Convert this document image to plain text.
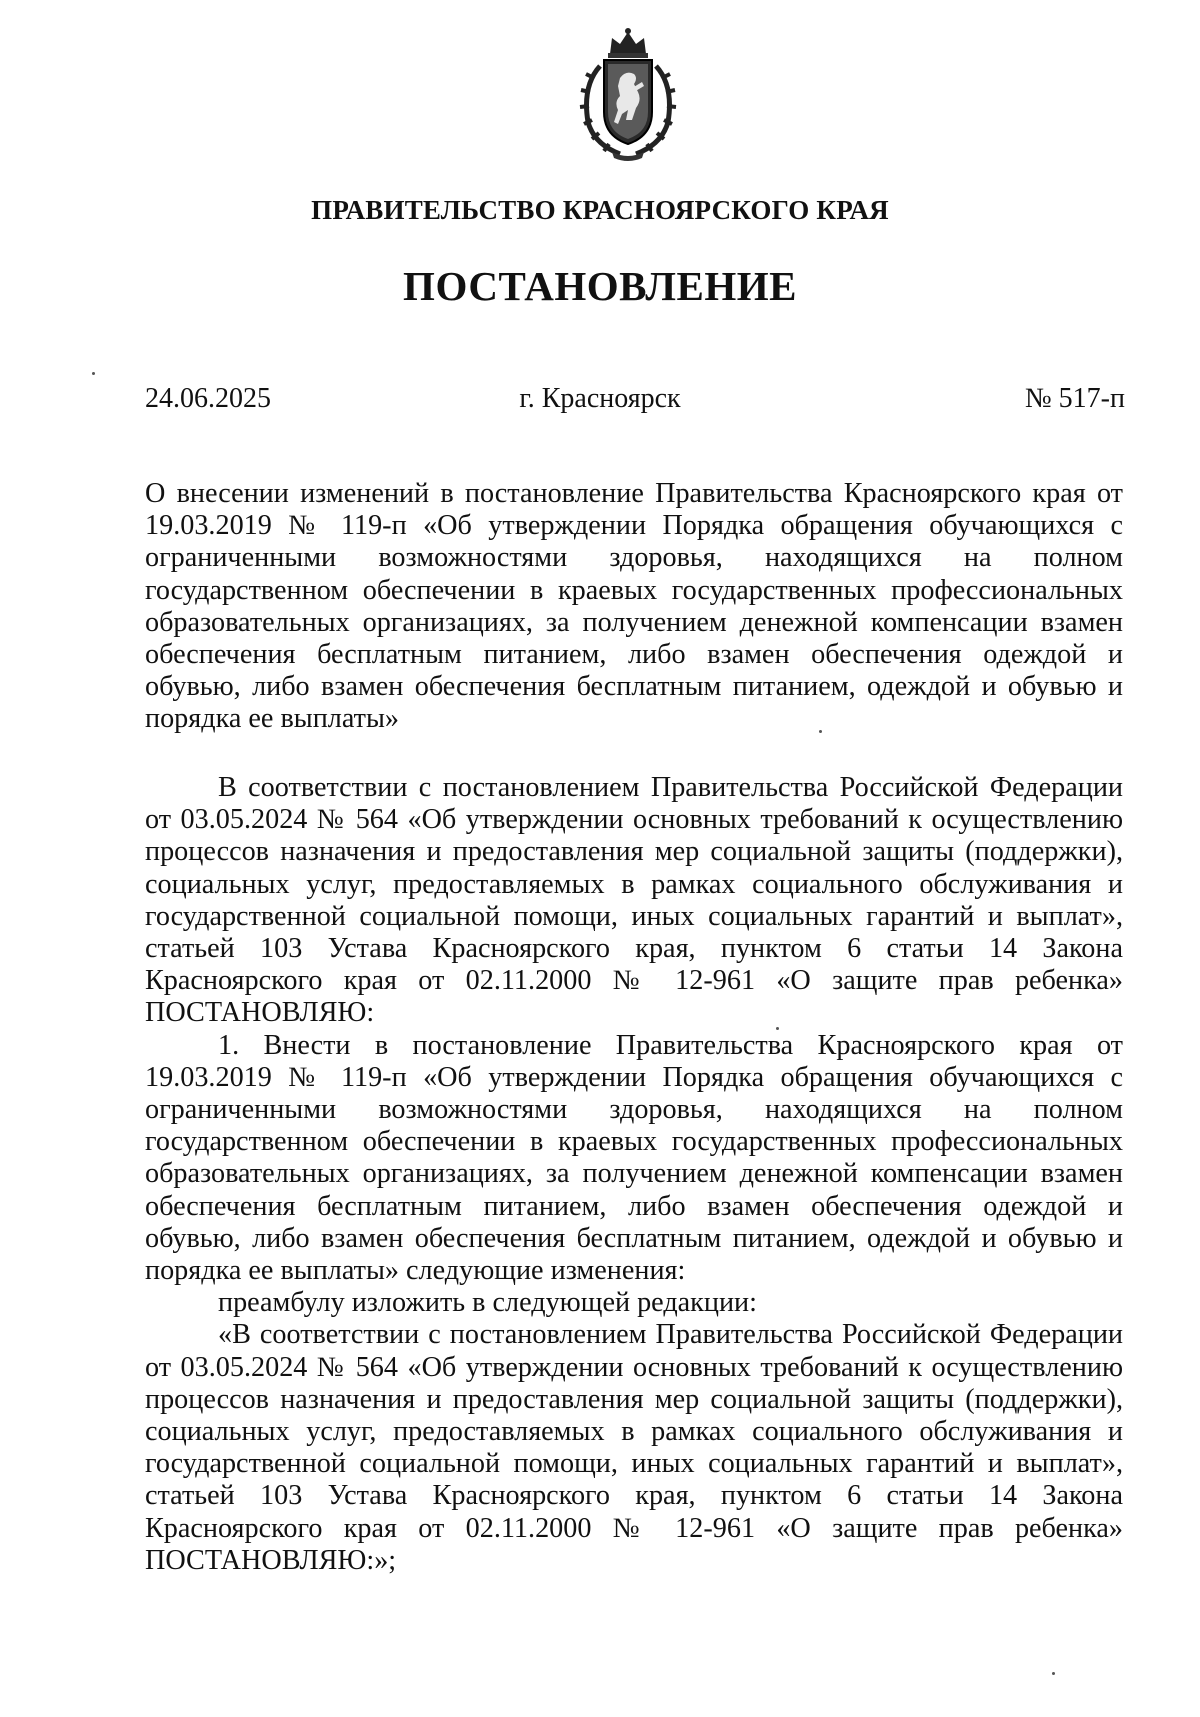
ПРАВИТЕЛЬСТВО КРАСНОЯРСКОГО КРАЯ
ПОСТАНОВЛЕНИЕ
24.06.2025	г. Красноярск	№ 517-п
О внесении изменений в постановление Правительства Красноярского края от 19.03.2019 № 119-п «Об утверждении Порядка обращения обучающихся с ограниченными возможностями здоровья, находящихся на полном государственном обеспечении в краевых государственных профессиональных образовательных организациях, за получением денежной компенсации взамен обеспечения бесплатным питанием, либо взамен обеспечения одеждой и обувью, либо взамен обеспечения бесплатным питанием, одеждой и обувью и порядка ее выплаты»

В соответствии с постановлением Правительства Российской Федерации от 03.05.2024 № 564 «Об утверждении основных требований к осуществлению процессов назначения и предоставления мер социальной защиты (поддержки), социальных услуг, предоставляемых в рамках социального обслуживания и государственной социальной помощи, иных социальных гарантий и выплат», статьей 103 Устава Красноярского края, пунктом 6 статьи 14 Закона Красноярского края от 02.11.2000 № 12-961 «О защите прав ребенка» ПОСТАНОВЛЯЮ:

1. Внести в постановление Правительства Красноярского края от 19.03.2019 № 119-п «Об утверждении Порядка обращения обучающихся с ограниченными возможностями здоровья, находящихся на полном государственном обеспечении в краевых государственных профессиональных образовательных организациях, за получением денежной компенсации взамен обеспечения бесплатным питанием, либо взамен обеспечения одеждой и обувью, либо взамен обеспечения бесплатным питанием, одеждой и обувью и порядка ее выплаты» следующие изменения:

преамбулу изложить в следующей редакции:

«В соответствии с постановлением Правительства Российской Федерации от 03.05.2024 № 564 «Об утверждении основных требований к осуществлению процессов назначения и предоставления мер социальной защиты (поддержки), социальных услуг, предоставляемых в рамках социального обслуживания и государственной социальной помощи, иных социальных гарантий и выплат», статьей 103 Устава Красноярского края, пунктом 6 статьи 14 Закона Красноярского края от 02.11.2000 № 12-961 «О защите прав ребенка» ПОСТАНОВЛЯЮ:»;
